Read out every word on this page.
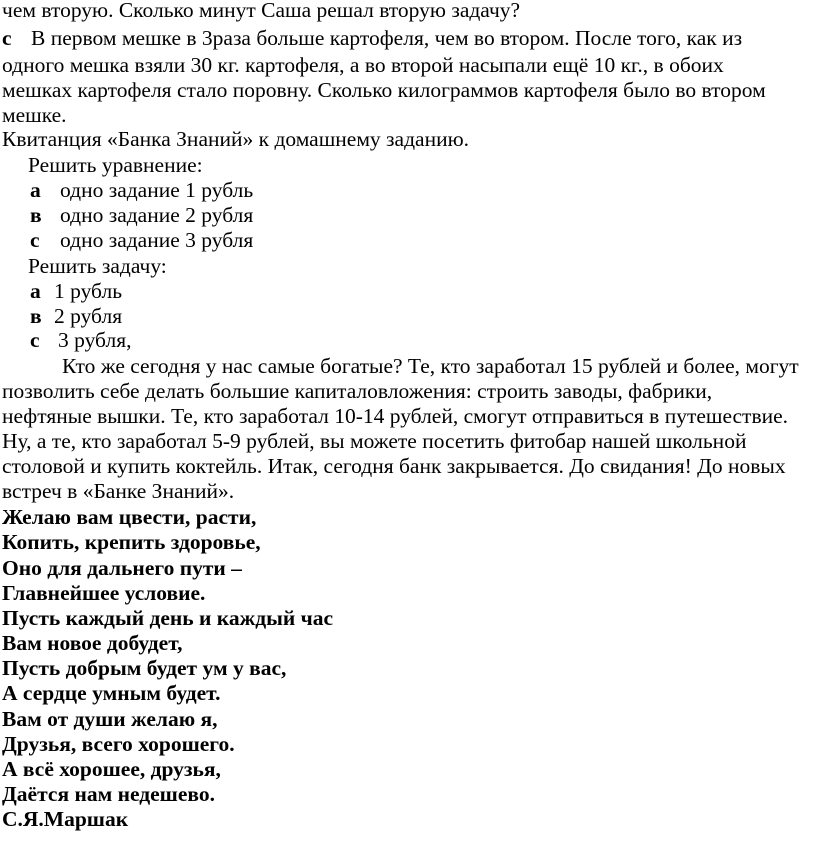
чем вторую. Сколько минут Саша решал вторую задачу?
с В первом мешке в 3раза больше картофеля, чем во втором. После того, как из
одного мешка взяли 30 кг. картофеля, а во второй насыпали ещё 10 кг., в обоих
мешках картофеля стало поровну. Сколько килограммов картофеля было во втором
мешке.
Квитанция «Банка Знаний» к домашнему заданию.
Решить уравнение:
а одно задание 1 рубль
в одно задание 2 рубля
с одно задание 3 рубля
Решить задачу:
а 1 рубль
в 2 рубля
с 3 рубля,
Кто же сегодня у нас самые богатые? Те, кто заработал 15 рублей и более, могут
позволить себе делать большие капиталовложения: строить заводы, фабрики,
нефтяные вышки. Те, кто заработал 10-14 рублей, смогут отправиться в путешествие.
Ну, а те, кто заработал 5-9 рублей, вы можете посетить фитобар нашей школьной
столовой и купить коктейль. Итак, сегодня банк закрывается. До свидания! До новых
встреч в «Банке Знаний».
Желаю вам цвести, расти,
Копить, крепить здоровье,
Оно для дальнего пути –
Главнейшее условие.
Пусть каждый день и каждый час
Вам новое добудет,
Пусть добрым будет ум у вас,
А сердце умным будет.
Вам от души желаю я,
Друзья, всего хорошего.
А всё хорошее, друзья,
Даётся нам недешево.
С.Я.Маршак
